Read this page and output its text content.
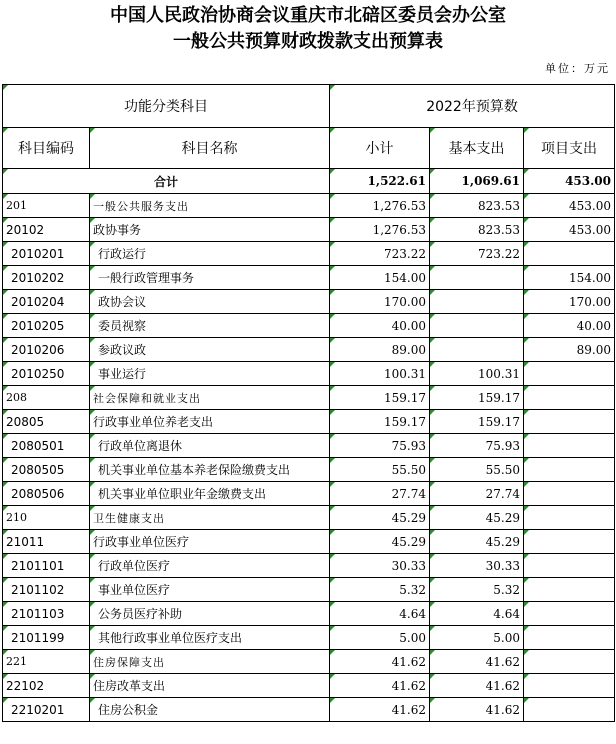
中国人民政治协商会议重庆市北碚区委员会办公室
一般公共预算财政拨款支出预算表
单位：万元
功能分类科目		2022年预算数		
科目编码	科目名称	小计	基本支出	项目支出
合计		1,522.61	1,069.61	453.00
201	一般公共服务支出	1,276.53	823.53	453.00
20102	政协事务	1,276.53	823.53	453.00
2010201	行政运行	723.22	723.22	
2010202	一般行政管理事务	154.00		154.00
2010204	政协会议	170.00		170.00
2010205	委员视察	40.00		40.00
2010206	参政议政	89.00		89.00
2010250	事业运行	100.31	100.31	
208	社会保障和就业支出	159.17	159.17	
20805	行政事业单位养老支出	159.17	159.17	
2080501	行政单位离退休	75.93	75.93	
2080505	机关事业单位基本养老保险缴费支出	55.50	55.50	
2080506	机关事业单位职业年金缴费支出	27.74	27.74	
210	卫生健康支出	45.29	45.29	
21011	行政事业单位医疗	45.29	45.29	
2101101	行政单位医疗	30.33	30.33	
2101102	事业单位医疗	5.32	5.32	
2101103	公务员医疗补助	4.64	4.64	
2101199	其他行政事业单位医疗支出	5.00	5.00	
221	住房保障支出	41.62	41.62	
22102	住房改革支出	41.62	41.62	
2210201	住房公积金	41.62	41.62	
